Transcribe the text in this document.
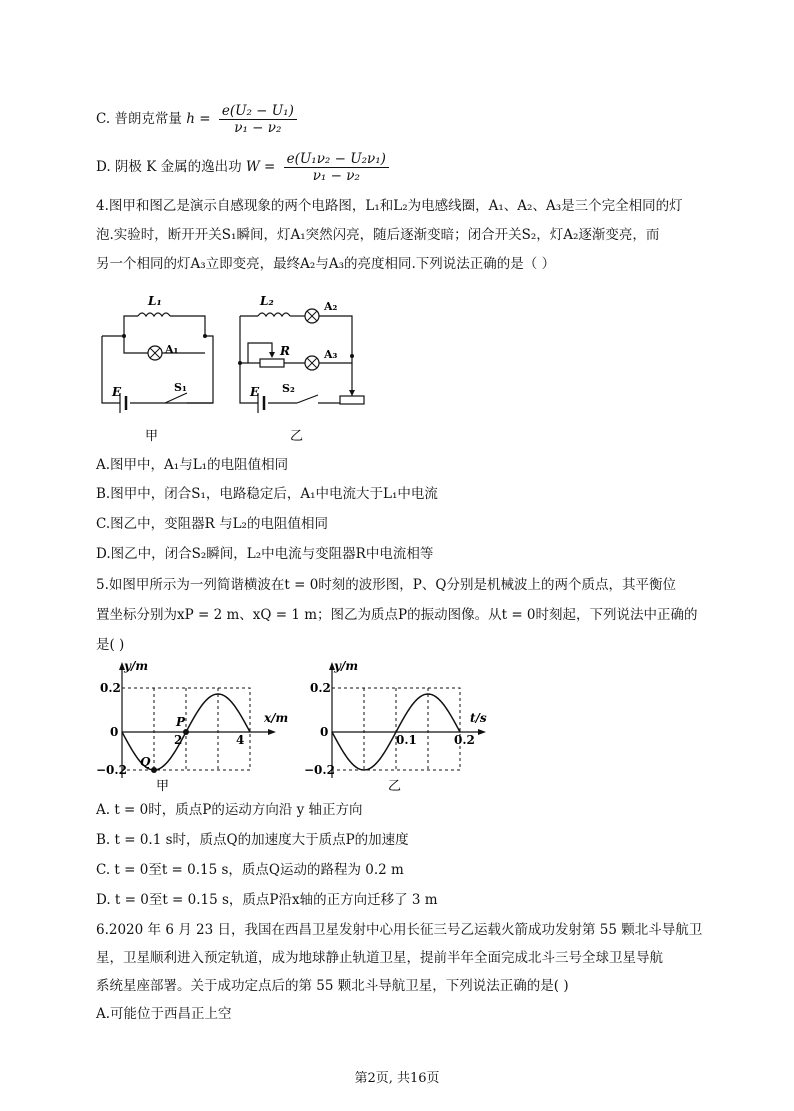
C. 普朗克常量 $h = \frac{\text{e(U₂ − U₁)}}{\text{ν₁ − ν₂}}$
D. 阴极 K 金属的逸出功 $W = \frac{\text{e(U₁ν₂ − U₂ν₁)}}{\text{ν₁ − ν₂}}$
4.图甲和图乙是演示自感现象的两个电路图，L₁和L₂为电感线圈，A₁、A₂、A₃是三个完全相同的灯
泡.实验时，断开开关S₁瞬间，灯A₁突然闪亮，随后逐渐变暗；闭合开关S₂，灯A₂逐渐变亮，而
另一个相同的灯A₃立即变亮，最终A₂与A₃的亮度相同.下列说法正确的是（ ）
L₁
A₁
E	S₁
甲
L₂	A₂
A₃
R
E S₂
乙
A.图甲中，A₁与L₁的电阻值相同
B.图甲中，闭合S₁，电路稳定后，A₁中电流大于L₁中电流
C.图乙中，变阻器R 与L₂的电阻值相同
D.图乙中，闭合S₂瞬间，L₂中电流与变阻器R中电流相等
5.如图甲所示为一列简谐横波在t = 0时刻的波形图，P、Q分别是机械波上的两个质点，其平衡位
置坐标分别为xP = 2 m、xQ = 1 m；图乙为质点P的振动图像。从t = 0时刻起，下列说法中正确的
是( )
y/m
x/m
0.2
−0.2
0
2	4
P
Q
甲
y/m
t/s
0.2
−0.2
0
0.1	0.2
乙
A. t = 0时，质点P的运动方向沿 y 轴正方向
B. t = 0.1 s时，质点Q的加速度大于质点P的加速度
C. t = 0至t = 0.15 s，质点Q运动的路程为 0.2 m
D. t = 0至t = 0.15 s，质点P沿x轴的正方向迁移了 3 m
6.2020 年 6 月 23 日，我国在西昌卫星发射中心用长征三号乙运载火箭成功发射第 55 颗北斗导航卫
星，卫星顺利进入预定轨道，成为地球静止轨道卫星，提前半年全面完成北斗三号全球卫星导航
系统星座部署。关于成功定点后的第 55 颗北斗导航卫星，下列说法正确的是( )
A.可能位于西昌正上空
第2页, 共16页
